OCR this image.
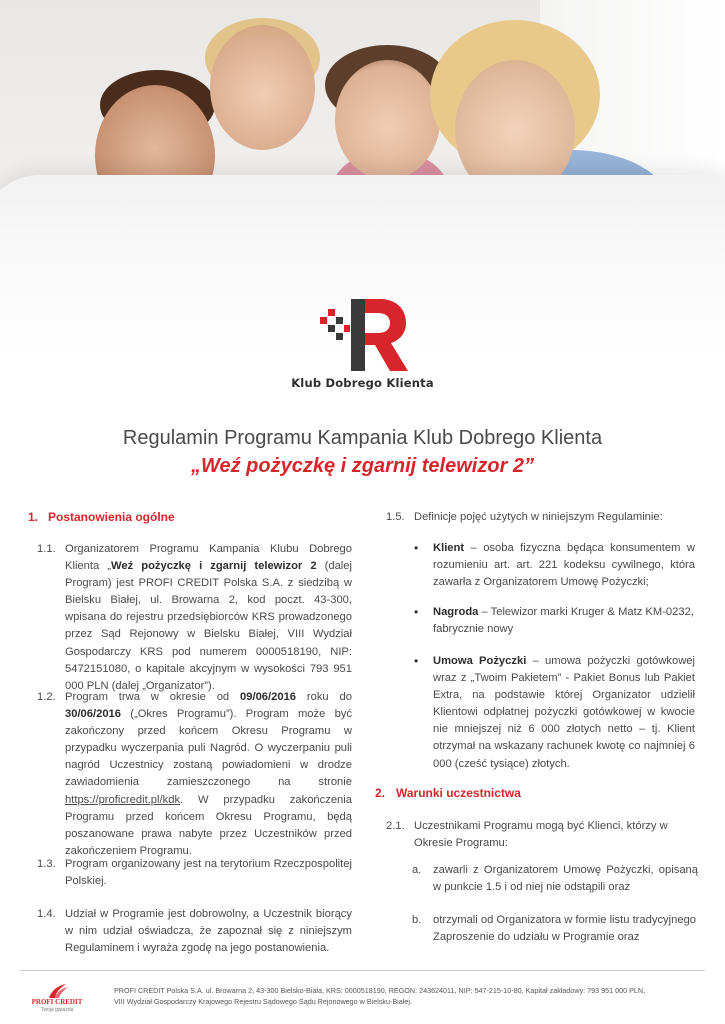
Klub Dobrego Klienta
Regulamin Programu Kampania Klub Dobrego Klienta
„Weź pożyczkę i zgarnij telewizor 2”
1. Postanowienia ogólne
1.1. Organizatorem Programu Kampania Klubu Dobrego Klienta „Weź pożyczkę i zgarnij telewizor 2 (dalej Program) jest PROFI CREDIT Polska S.A. z siedzibą w Bielsku Białej, ul. Browarna 2, kod poczt. 43-300, wpisana do rejestru przedsiębiorców KRS prowadzonego przez Sąd Rejonowy w Bielsku Białej, VIII Wydział Gospodarczy KRS pod numerem 0000518190, NIP: 5472151080, o kapitale akcyjnym w wysokości 793 951 000 PLN (dalej „Organizator”).
1.2. Program trwa w okresie od 09/06/2016 roku do 30/06/2016 („Okres Programu”). Program może być zakończony przed końcem Okresu Programu w przypadku wyczerpania puli Nagród. O wyczerpaniu puli nagród Uczestnicy zostaną powiadomieni w drodze zawiadomienia zamieszczonego na stronie https://proficredit.pl/kdk. W przypadku zakończenia Programu przed końcem Okresu Programu, będą poszanowane prawa nabyte przez Uczestników przed zakończeniem Programu.
1.3. Program organizowany jest na terytorium Rzeczpospolitej Polskiej.
1.4. Udział w Programie jest dobrowolny, a Uczestnik biorący w nim udział oświadcza, że zapoznał się z niniejszym Regulaminem i wyraża zgodę na jego postanowienia.
1.5. Definicje pojęć użytych w niniejszym Regulaminie:
• Klient – osoba fizyczna będąca konsumentem w rozumieniu art. art. 221 kodeksu cywilnego, która zawarła z Organizatorem Umowę Pożyczki;
• Nagroda – Telewizor marki Kruger & Matz KM-0232, fabrycznie nowy
• Umowa Pożyczki – umowa pożyczki gotówkowej wraz z „Twoim Pakietem” - Pakiet Bonus lub Pakiet Extra, na podstawie której Organizator udzielił Klientowi odpłatnej pożyczki gotówkowej w kwocie nie mniejszej niż 6 000 złotych netto – tj. Klient otrzymał na wskazany rachunek kwotę co najmniej 6 000 (cześć tysiące) złotych.
2. Warunki uczestnictwa
2.1. Uczestnikami Programu mogą być Klienci, którzy w Okresie Programu:
a. zawarli z Organizatorem Umowę Pożyczki, opisaną w punkcie 1.5 i od niej nie odstąpili oraz
b. otrzymali od Organizatora w formie listu tradycyjnego Zaproszenie do udziału w Programie oraz
PROFI CREDIT
Twoja gwiazda
PROFI CREDIT Polska S.A. ul. Browarna 2, 43-300 Bielsko-Biała, KRS: 0000518190, REGON: 243624011, NIP: 547-215-10-80, Kapitał zakładowy: 793 951 000 PLN,
VIII Wydział Gospodarczy Krajowego Rejestru Sądowego Sądu Rejonowego w Bielsku-Białej.
